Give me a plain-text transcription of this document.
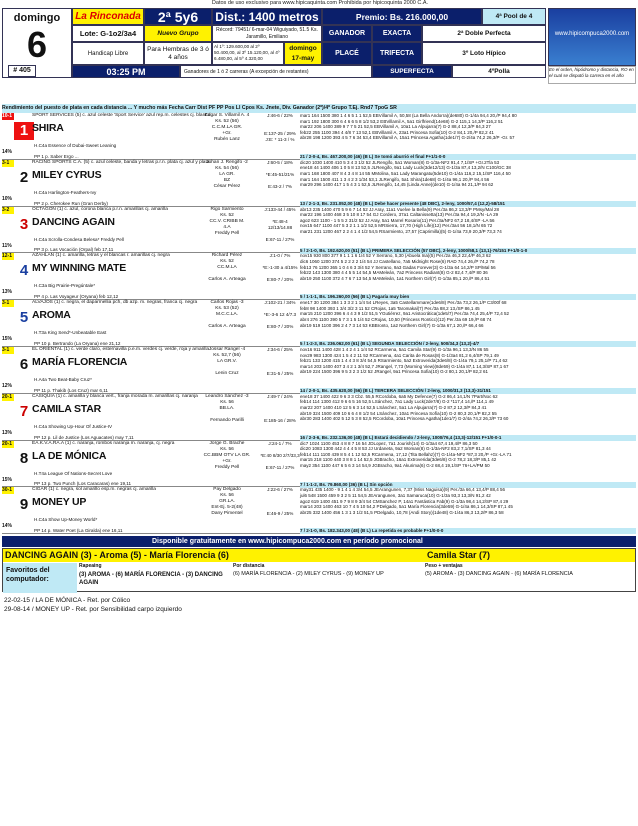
Datos de uso exclusivo para www.hipicaquinta.com Prohibida por hipicoquinta 2000 C.A.
domingo
6
# 405	03:25 PM
La Rinconada	2ª 5y6	Dist.: 1400 metros	Premio: Bs. 216.000,00	4ª Pool de 4
Lote: G-1o2/3a4	Nuevo Grupo	Récord: 79451/ 6-mar-04 Wiguiyado, 51.5 Ks. Jaramillo, Emiliano	GANADOR	EXACTA	2ª Doble Perfecta
Handicap Libre
Para Hembras de 3 ó 4 años
Al 1º: 129.600,00 al 2º 50.400,00, al 3º 15.120,00, al 4º 6.480,00, al 5º 4.320,00
domingo 17-may
PLACÉ	TRIFECTA	3º Loto Hípico
Ganadores de 1 ó 2 carreras (A excepción de restantes)	SUPERFECTA	4ºPolla
www.hipicompuca2000.com
En el orden, hipódromo y distancia, RO en el cual se disputó la carrera en el año
Rendimiento del puesto de plata en cada distancia ... Y mucho más Fecha Carr Dist PF PP Pos Ll Cpos Ks. Jnete, Div. Ganador (2º)/4º Grupo T.Ej. Rnd7 TpoG SR
10-1
1 SHIRA
SPORT SERVICES (5) c. azul celeste 'Sport Service' azul rep.m. celestes cj. blanca
H.C4a Essence of Dubai-Sweet Leaning
14%
PP 1 p. Saber Ergo ...
Edgar S. Villamil A. 4
Ks. 52 (56)
C.C.M.LA GR.
+Gr.
Rubén Lanz
J:46-6 / 22%

E:137-25 / 29%
J:E: * 11-3 / %
mar1 164 1500 380 1 4 6 5 1 1 52,5 EBVillamil A, 50,58 (La Bella Andorra)(de680) G-1/4a 94,4 20,/P 94,4 80
mar1 192 1800 300 6 4 6 6 5 8 1/2 53,2 EBVillamil A, 5a1 Girlfriend(14e68) G-2 115,1 14,3/P 116,2 51
mar22 206 1400 389 9 7 7 5 21 52,5 EBVillamil A, 10a1 La Alpujarra(7) G-2 88,4 12,3/P 84,3 27
feb22 255 1100 394 4 4/8 7 13 52,1 EBVillamil A, 23a1 Princesa Sofia(10) G-2 84,1 20,/P 82,2 41
abr28 198 1200 393 4 5 7 6 34 53,4 EBVillamil A, 15a1 Princesa Agatha(1de1/7) G-2/4a 74,2 26,3/P -Gr. 57
21 / 2-0-4, Bs. 467.200,00 (46) (B L) Se tomó aburrió el final F+1/1-0-0
3-1
2 MILEY CYRUS
RACING SPORTS C.A. (5) c. azul celeste, banda y letras p.r.n. plata cj. azul y plata
H.C4a Harlington-Feathers-Ivy
10%
PP 2 p. Cherokee Run (Gran Derby)
Johan J. Rengifo -2
Ks. 54 (56)
LA GR.
BZ
César Pérez
J:60-5 / 18%

*E:45-51/21%

E:43-2 / 7%
dic20 1030 1400 410 5 3 4 3 1/2 52 JLRengifo, 5a1 Woman(8) G-1/3a-NF2 91,4 7,1/SP +Gr.2Tla 53
ene18 44 1400 406 1 0 5 8 13 52,5 JLRengifo, 9a1 Lady Luck(3de12/13) G-1/3a 87,4 13,2/N C100/GC 38
mar1 168 1800 407 8 4 3 4 8 14 55 MMolina, 5a1 Lady Marangatu(5de10) G-1/4a 116,2 15,1/SP 116,4 50
mar1 164 1500 411 1 3 4 2 3 1/34 53,1 JLRengifo, 5a1 Shira(1de68) G-1/4a 96,1 20,/P 94,4 56
mar29 296 1400 417 1 5 4 3 1 52,5 JLRengifo, 14,45 (Linda Anne)(de10) G-1/4a 94 21,1/P 94 62
13 / 2-1-3, Bs. 231.052,00 (48) (B L) Debe hacer presente (48 DBC), 2-leny, 1000/57,4 (12,2)-58/151
3-2
3 DANCING AGAIN
OCTAGON (1) c. azul, corona blanca p.r.n. amarillas cj. amarilla
H.C4a Scrolla-Condesa Belesa* Freddy Pell
11%
PP 3 p. Las Vocación (Orpal) feb 17,11
Rigo Sarmiento
Ks. 52
CC.V. CRIBB M.
4.A
Freddy Pell
J:133-44 / 45%

*E:48-4 12/13/14.88

E:67-11 / 27%
abr13 235 1400 470 5 9 6 7 14 52 JJ Aray, 11a1 Vuelve la Bella(9) Per./3a 86,2 13,3/P PMsy/Mal 28
mar22 196 1400 468 3 5 10 8 17 54 GJ Cordero, 37a1 Caltanissetta(13) Per./3a 94,4 19,2/N -LA 29
ago2 623 1100 - 1 5 5 2 31/2 52 JJ Aray, 5a1 Marrel Rosario(11) Per./3a/NF2 67,2 18,4/SP -LA 56
nov15 647 1100 447 5 3 2 1 1 1/2 52,5 MRSierra, 17,70 (High Life)(12) Per./3a4 56 18,1/N 65 72
mar21 231 1200 467 2 2 4 1 4 1/2 54,5 RSarmiento, 27,57 (Caprimilla)(5) G-1/4a 73,9 20,3/P 73,3 74
5 / 2-1-0, Bs. 192.620,00 (51) (B L) PRIMERA SELECCIÓN (57 DBC), 2-leny, 1000/58,1 (13,1)-76/151 F+1/0-1-0
12-1
4 MY WINNING MATE
AZAHLAN (1) c. amarilla, letras y el blancas r. amarillas cj. negra
H.C3a Big Prairie-Pregúntale*
13%
PP 4 p. Las Voyageur (Oryana) feb 12,12
Richard Pérez
Ks. 52
CC.M.LA

Carlos A. Arteaga
J:1-0 / 7%

*E:-1-30 a 4/15%

E:80-7 / 20%
nov15 930 800 377 9 1 1 1 6 1/4 52 Y Serrano, 5,30 (Abuela Ina)(5) Per./2a 46,3 22,4/P 46,3 62
dic6 1060 1200 374 5 2 2 2 2 1/4 54 JJ Castellano, 7a5 Midnight Rose(6) RAD 74,4 26,/P 74,2 78
feb13 76 1200 365 1 0 4 6 3 3/4 52 Y Serrano, 9a3 Gadas Forever(3) G-1/3a 64 14,2/P SP/Mal 56
feb22 143 1300 380 4 4 5 5 14 54,5 MAMeleán, 7a2 Princess Radiant(8) G-2 82,4 7,4/P 80 36
abr19 250 1100 372 4 7 6 7 13 54,5 MAMeleán, 1a1 Northern Girl(7) G-1/3a 85,1 20,/P 86,4 51
5 / 1-1-1, Bs. 196.260,00 (56) (B L) Pagaría muy bien
3-1
5 AROMA
ALVAJOS (1) c. negra, el daparmellia pch, db azp. m. negras, franca cj. negra
H.T3a King Send*-Unbeatable East
15%
PP 10 p. Bertrando (La Oryana) ene 21,12
Carlos Rojas -3
Ks. 53 (52)
M.C.C.LA.

Carlos A. Arteaga
J:102-21 / 34%

*E:-3-6 12 4/7.3

E:80-7 / 20%
ene17 30 1200 384 1 3 3 2 1 1/4 54 LReyes, 3a5 Castellammare(1de6/8) Per./3a 73,2 26,1/P C3/00f 68
feb8 98 1400 393 1 3/4 3/2 3 11 52 CRojas, 1a5 Taromakal(7) Per./3a 88,2 13,/SP 86,1 45
mar15 210 1200 396 6 4 4 3 9 1/2 51,5 YGutiérrez, 9a1 Aristocrática(1de5/7) Per./3a 74,4 25,4/P 72,4 52
abr4 276 1100 390 5 7 3 1 5 1/4 52 CRojas, 10,50 (Princess Ronticc)(12) Per./3a 69 19,/P 68 74
abr19 519 1100 396 2 4 7 3 14 53 KBBronto, 1a2 Northern Girl(7) G-1/3a 67,1 20,/P 66,4 66
5 / 1-2-3, Bs. 236.062,00 (61) (B L) SEGUNDA SELECCIÓN / 2-leny, 500/34,3 (13,2)-4/7
3-1
6 MARÍA FLORENCIA
EL ORIENTAL (1) c. verde claro, esternavilla p.e.m. verdes cj. verde, roja y amarilla
H.A4a Two Beat-Baby Cruz*
12%
PP 11 p. Thakib (Los Cruz) mar 6,11
Jossar Rangel -4
Ks. 52,7 (56)
LA GR.V.

Lenin Cruz
J:34-6 / 25%

E:31-5 / 25%
nov16 911 1400 428 1 4 2 4 1 1/4 52 RCarmena, 5a1 Camila Star(9) G-1/3a 96,1 13,3/N 86 55
nov29 983 1300 424 1 5 4 2 11 52 RCarmena, 4a1 Carita de Rosas(8) G-1/3a4 81,2 6,4/SP 79,1 49
feb21 133 1200 415 1 4 4 3 8 3/4 54,5 RSarmiento, 5a2 Extroverida(3de6/8) G-1/4a 79,1 25,1/P 71,4 62
mar14 203 1400 407 3 4 2 1 3/4 52,7 JRangel, 7,73 (Morning View)(8de59) G-1/4a 87,1 14,3/SP 87,1 67
abr19 224 1500 396 9 5 3 2 3 1/2 52 JRangel, 9a1 Princesa Sofia(10) G-2 80,1 20,1/P 82,2 61
14 / 2-0-1, Bs. 435.620,00 (56) (B L) TERCERA SELECCIÓN / 2-leny, 1000/31,3 (13,3)-31/151
20-1
7 CAMILA STAR
CASIQUIA (1) c. amarilla y blanca vert., franja morada m. amarillas cj. naranja
H.C4a Showing Up-Hour Of Justice-IV
13%
PP 12 p. Lil de Justice (Los Aguacates) may 7,11
Leandro Sánchez -3
Ks. 56
BB.LA.

Fernando Parilli
J:49-7 / 24%

E:185-16 / 28%
ene18 37 1400 422 9 6 3 3 Cbz. 55,5 RCordoba, 6a5 My Defence(7) G-2 86,4 14,1/N 7Part/Noc 62
feb14 114 1300 412 9 6 6 5 16 52,5 LSánchez, 7a1 Lady Luck(2de7/8) G-2 *117,4 14,/P 114,1 49
mar22 207 1400 410 12 5 6 3 14 52,5 LSánchez, 5a1 La Alpujarra(7) G-2 87,2 12,3/P 84,3 41
abr19 324 1500 409 10 6 6 4 8 1/2 54 LSánchez, 10a1 Princesa Sofía(10) G-2 80,3 20,1/P 82,2 55
abr30 283 1400 402 5 12 5 3 8 52,5 RCordoba, 10a1 Princesa Agatha(1de1/7) G-2/4a 74,2 26,3/P 73 60
16 / 2-3-6, Bs. 232.136,00 (48) (B L) Estará decidiendo / 2-leny, 1000/76,4 (13,3)-12/151 F+1/0-0-1
20-1
8 LA DE MÓNICA
EA.K.V.A.RA.A (1) c. naranja, rombos naranja m. naranja, cj. negra
H.T4a League Of Nations-Secret Love
15%
PP 13 p. Two Punch (Los Caracaras) ene 19,11
Jorge G. Brache
Ks. 56
CC.BBM OTV LA GR.
+Gr.
Freddy Pell
J:24-1 / 7%

*E:40 8/30 2/7/33,3

E:67-11 / 27%
dic7 1024 1100 453 4 8 8 7 16 54 JDLopez, 7a1 Jourish(14) G-1/3a4 67,4 19,4/P 86,3 50
dic20 1083 1300 442 4 4 4 5 8 53 JJ Urdaneta, 9a2 Woman(8) G-1/3a-NF2 83,2 7,1/SP 81,3 44
feb14 111 1100 439 8 5 4 1 12 52,5 RCarmena, 17,12 (Tita Bellahz)(7) G-1/4a-NF2 *87,3 20,/P +Gr.-LA 71
mar15 218 1100 440 3 8 8 1 14 52,5 JGBracho, 16a1 Extroverida(3de6/8) G-2 78,2 18,3/P 85,1 42
may2 354 1100 447 6 5 6 3 14 54,9 JGBracho, 9a1 Akurima(6) G-2 68,4 19,1/SP 76+LA/PM 50
7 / 1-1-2, Bs. 79.860,00 (36) (B L) Sin opción
30-1
9 MONEY UP
CIGAR (1) c. negra, sol amarillo esp.m. negras cj. amarilla
H.C4a Show Up-Money World*
14%
PP 14 p. Water Poet (La Giralda) ene 16,11
Pay Delgado
Ks. 56
GR.LA.
Ent-Ej. 5-2(48)
Dany Pimentel
J:22-6 / 27%

E:46-9 / 25%
may31 435 1400 - 9 1 4 1 4 3/4 54,5 JEArangunen, 7,37 (Miss Naguisa)(9) Per./3a 66,4 13,4/P 88,4 56
jul6 548 1500 459 9 3 2 5 11 54,5 JEArangunen, 3a1 Samaruca(10) G-1/3a 93,3 13,3/N 91,2 42
ago2 619 1400 451 9 7 9 8 9 3/4 54 CMSanchez P, 14a1 Fantástica Fab(9) G-1/3a 98,4 14,2/SP 87,4 29
mar14 203 1400 463 10 7 4 5 10 54,2 PDelgado, 5a1 María Florencia(3de59) G-1/4a 86,1 14,3/SP 87,1 45
abr25 332 1400 456 1 3 1 3 1/2 51,5 PDelgado, 10,78 (Andi Story)(1de48) G-1/4a 86,3 13,2/P 86,3 58
7 / 2-1-0, Bs. 182.343,00 (48) (B L) La repetida es probable F+1/0-0-0
Disponible gratuitamente en www.hipicompuca2000.com en período promocional
DANCING AGAIN (3) - Aroma (5) - María Florencia (6)
Favoritos del computador:
Rapeaing
(3) AROMA - (6) MARÍA FLORENCIA - (3) DANCING AGAIN
Por distancia
(6) MARÍA FLORENCIA - (2) MILEY CYRUS - (9) MONEY UP
Camila Star (7)
Peso + ventajas
(5) AROMA - (3) DANCING AGAIN - (6) MARÍA FLORENCIA
22-02-15 / LA DE MÓNICA - Ret. por Cólico
29-08-14 / MONEY UP - Ret. por Sensibilidad carpo izquierdo
